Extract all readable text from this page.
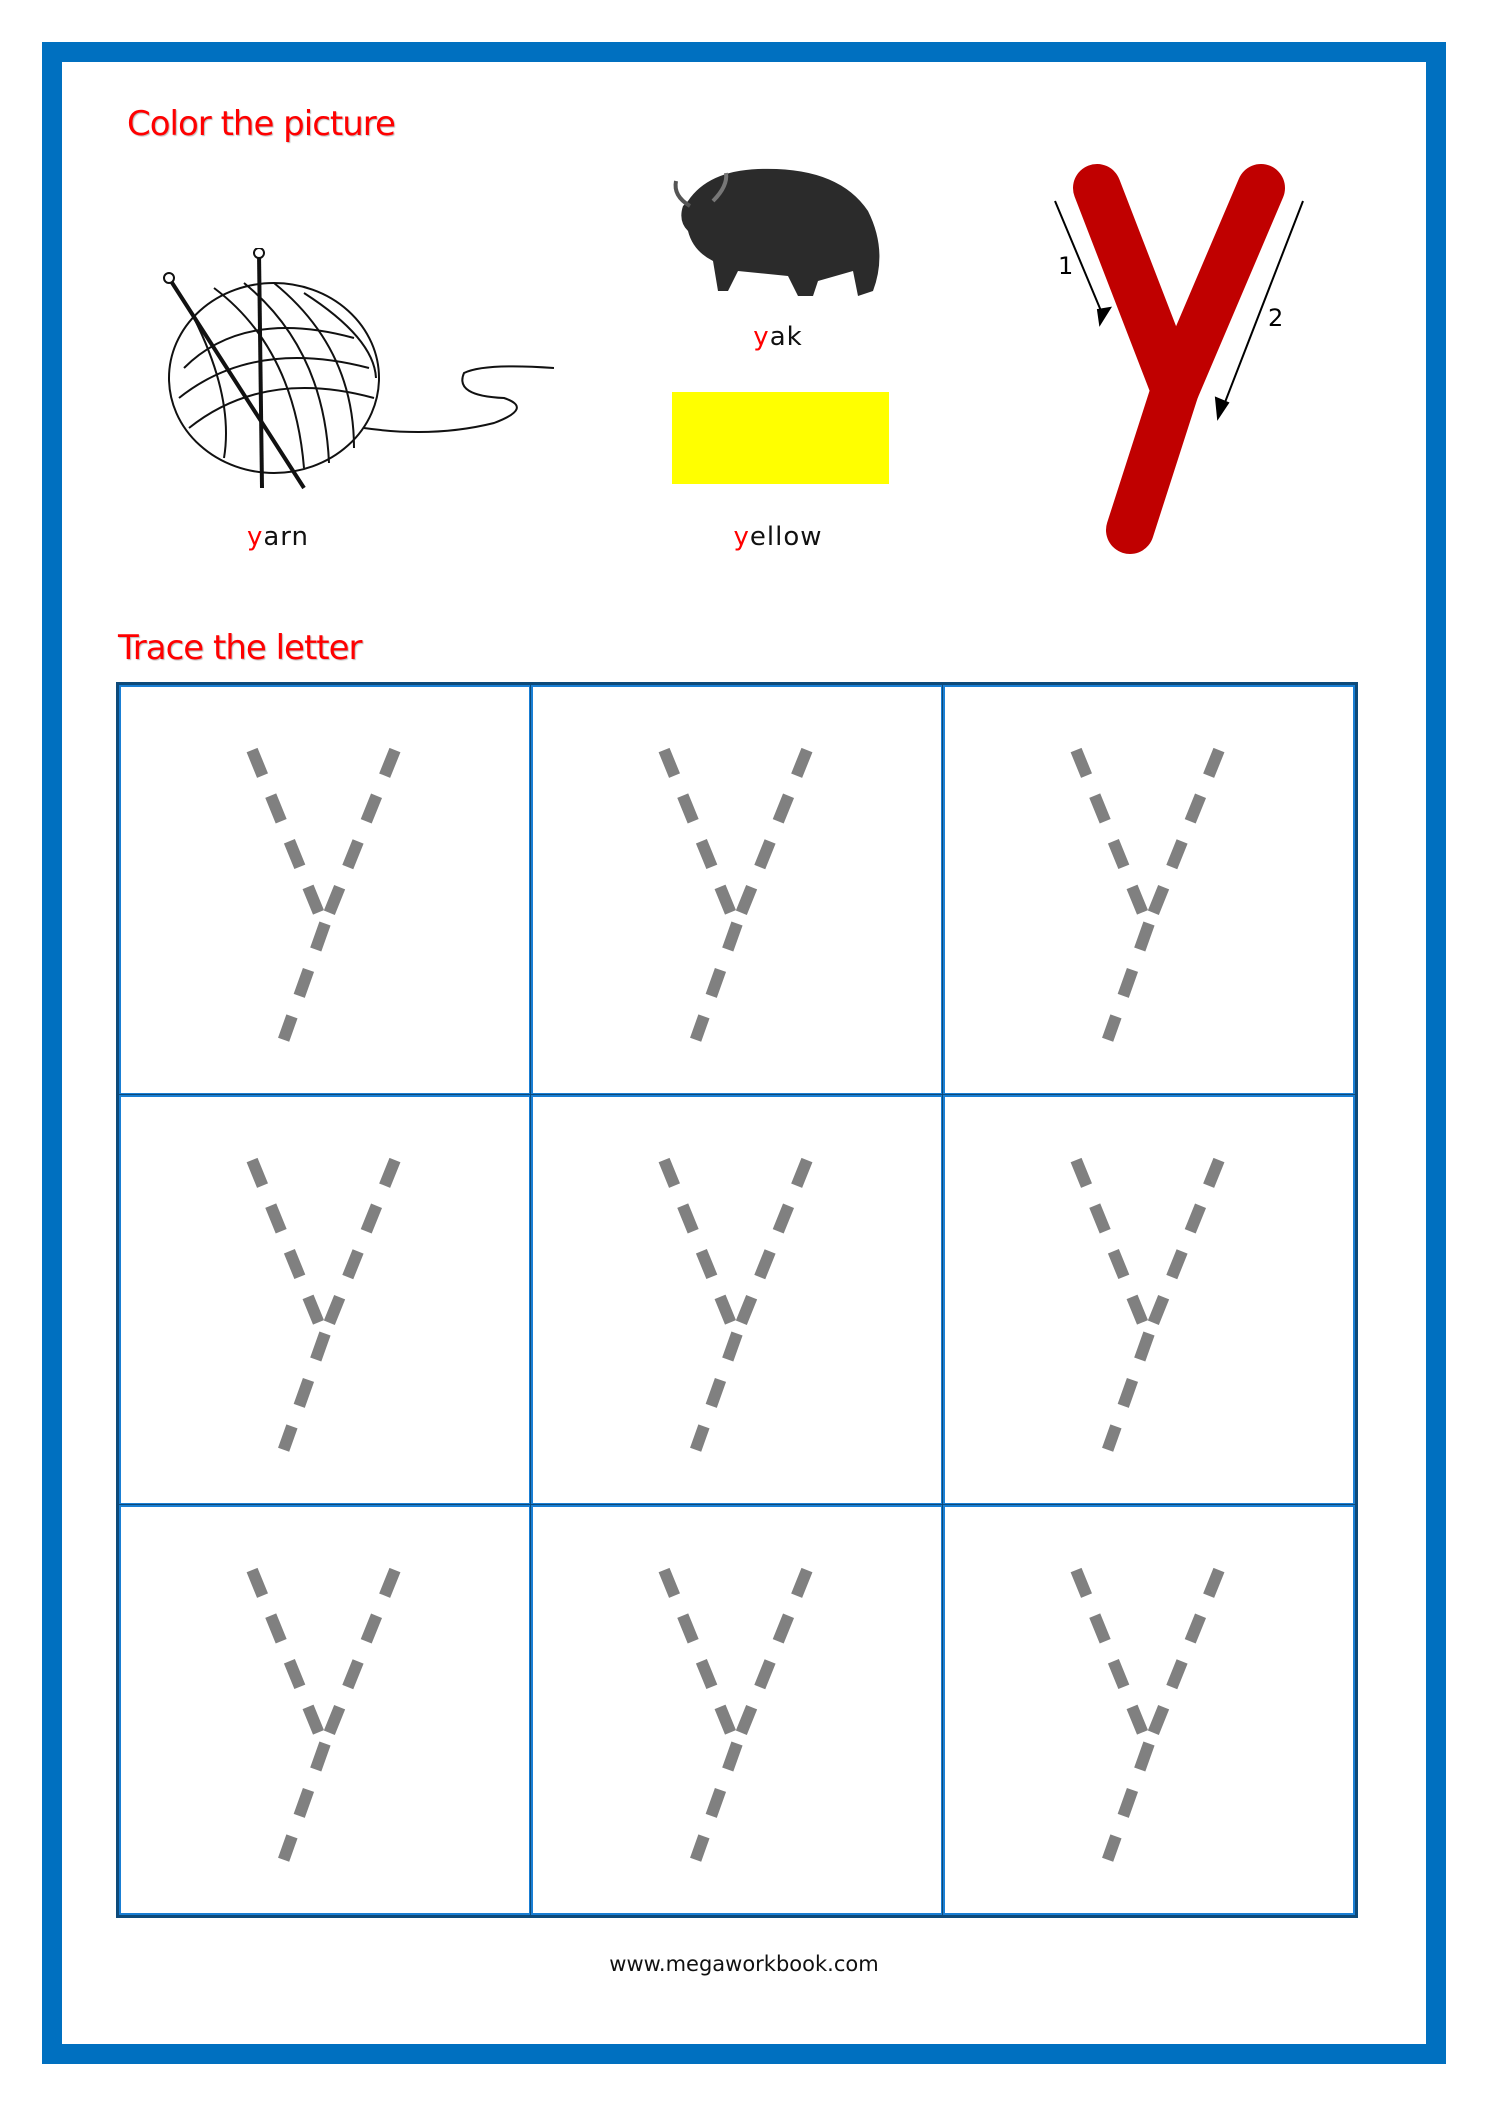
Color the picture
yarn
yak
yellow
1
2
Trace the letter
www.megaworkbook.com
